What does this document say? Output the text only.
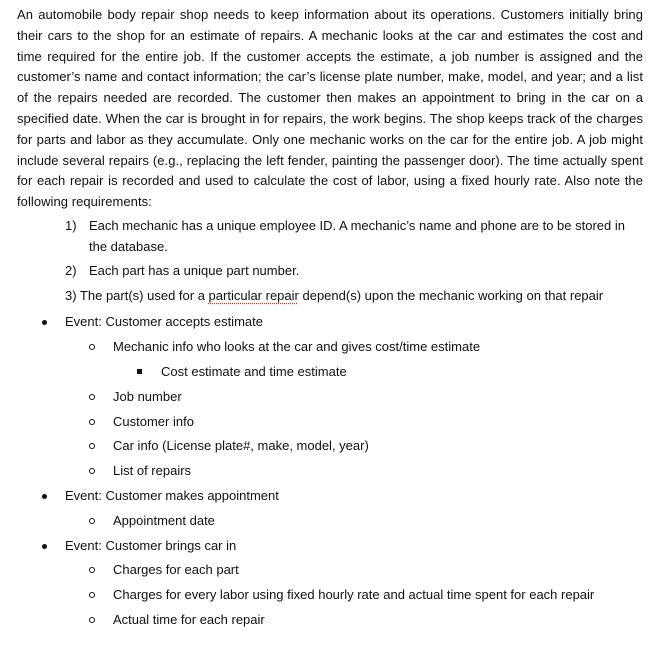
An automobile body repair shop needs to keep information about its operations. Customers initially bring their cars to the shop for an estimate of repairs. A mechanic looks at the car and estimates the cost and time required for the entire job. If the customer accepts the estimate, a job number is assigned and the customer’s name and contact information; the car’s license plate number, make, model, and year; and a list of the repairs needed are recorded. The customer then makes an appointment to bring in the car on a specified date. When the car is brought in for repairs, the work begins. The shop keeps track of the charges for parts and labor as they accumulate. Only one mechanic works on the car for the entire job. A job might include several repairs (e.g., replacing the left fender, painting the passenger door). The time actually spent for each repair is recorded and used to calculate the cost of labor, using a fixed hourly rate. Also note the following requirements:

1) Each mechanic has a unique employee ID. A mechanic’s name and phone are to be stored in the database.
2) Each part has a unique part number.
3) The part(s) used for a particular repair depend(s) upon the mechanic working on that repair
Event: Customer accepts estimate
Mechanic info who looks at the car and gives cost/time estimate
Cost estimate and time estimate
Job number
Customer info
Car info (License plate#, make, model, year)
List of repairs
Event: Customer makes appointment
Appointment date
Event: Customer brings car in
Charges for each part
Charges for every labor using fixed hourly rate and actual time spent for each repair
Actual time for each repair
